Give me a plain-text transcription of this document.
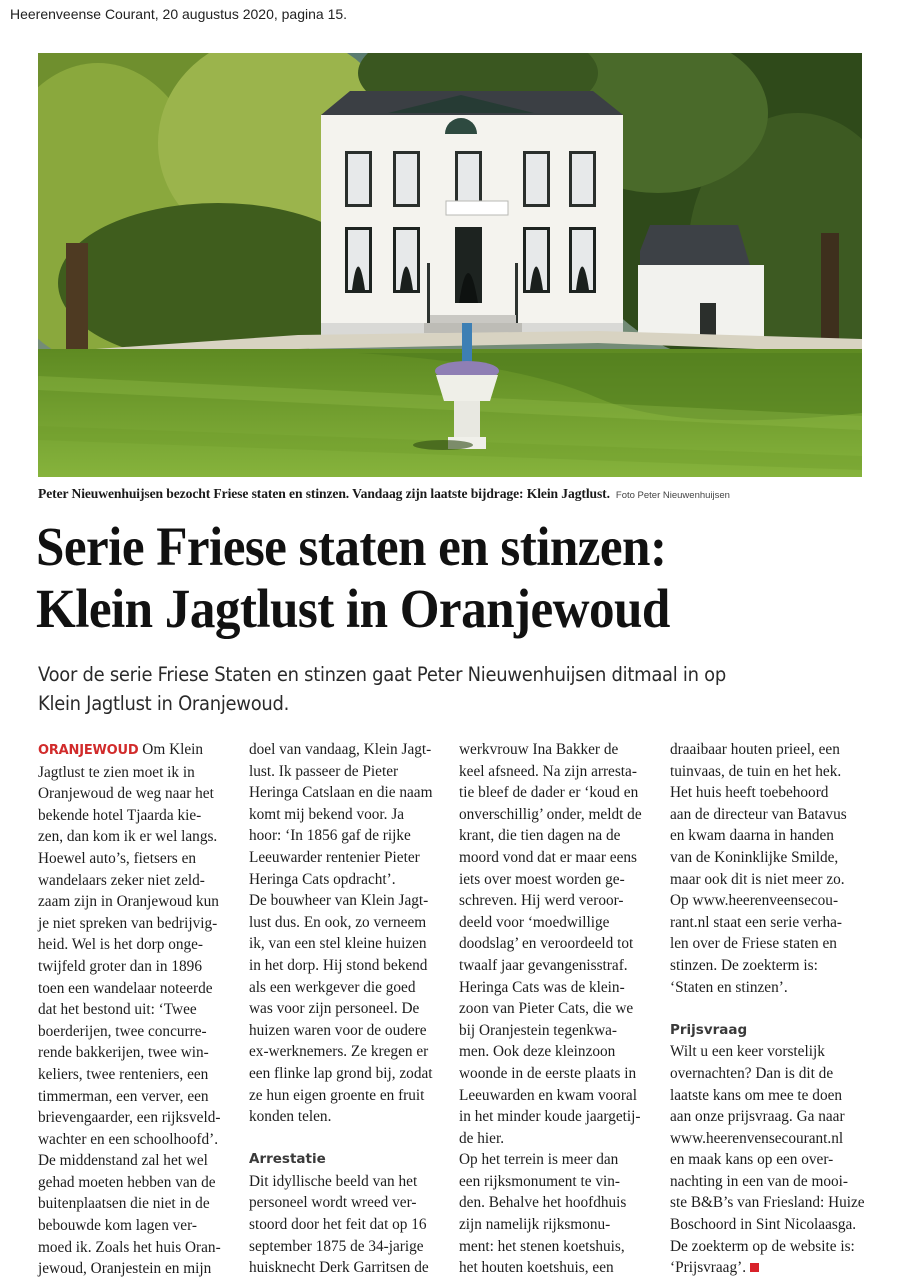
Heerenveense Courant, 20 augustus 2020, pagina 15.
Peter Nieuwenhuijsen bezocht Friese staten en stinzen. Vandaag zijn laatste bijdrage: Klein Jagtlust. Foto Peter Nieuwenhuijsen
Serie Friese staten en stinzen:
Klein Jagtlust in Oranjewoud

Voor de serie Friese Staten en stinzen gaat Peter Nieuwenhuijsen ditmaal in op
Klein Jagtlust in Oranjewoud.

ORANJEWOUD Om Klein
Jagtlust te zien moet ik in
Oranjewoud de weg naar het
bekende hotel Tjaarda kie-
zen, dan kom ik er wel langs.
Hoewel auto’s, fietsers en
wandelaars zeker niet zeld-
zaam zijn in Oranjewoud kun
je niet spreken van bedrijvig-
heid. Wel is het dorp onge-
twijfeld groter dan in 1896
toen een wandelaar noteerde
dat het bestond uit: ‘Twee
boerderijen, twee concurre-
rende bakkerijen, twee win-
keliers, twee renteniers, een
timmerman, een verver, een
brievengaarder, een rijksveld-
wachter en een schoolhoofd’.
De middenstand zal het wel
gehad moeten hebben van de
buitenplaatsen die niet in de
bebouwde kom lagen ver-
moed ik. Zoals het huis Oran-
jewoud, Oranjestein en mijn
doel van vandaag, Klein Jagt-
lust. Ik passeer de Pieter
Heringa Catslaan en die naam
komt mij bekend voor. Ja
hoor: ‘In 1856 gaf de rijke
Leeuwarder rentenier Pieter
Heringa Cats opdracht’.
De bouwheer van Klein Jagt-
lust dus. En ook, zo verneem
ik, van een stel kleine huizen
in het dorp. Hij stond bekend
als een werkgever die goed
was voor zijn personeel. De
huizen waren voor de oudere
ex-werknemers. Ze kregen er
een flinke lap grond bij, zodat
ze hun eigen groente en fruit
konden telen.
Arrestatie
Dit idyllische beeld van het
personeel wordt wreed ver-
stoord door het feit dat op 16
september 1875 de 34-jarige
huisknecht Derk Garritsen de
werkvrouw Ina Bakker de
keel afsneed. Na zijn arresta-
tie bleef de dader er ‘koud en
onverschillig’ onder, meldt de
krant, die tien dagen na de
moord vond dat er maar eens
iets over moest worden ge-
schreven. Hij werd veroor-
deeld voor ‘moedwillige
doodslag’ en veroordeeld tot
twaalf jaar gevangenisstraf.
Heringa Cats was de klein-
zoon van Pieter Cats, die we
bij Oranjestein tegenkwa-
men. Ook deze kleinzoon
woonde in de eerste plaats in
Leeuwarden en kwam vooral
in het minder koude jaargetij-
de hier.
Op het terrein is meer dan
een rijksmonument te vin-
den. Behalve het hoofdhuis
zijn namelijk rijksmonu-
ment: het stenen koetshuis,
het houten koetshuis, een
draaibaar houten prieel, een
tuinvaas, de tuin en het hek.
Het huis heeft toebehoord
aan de directeur van Batavus
en kwam daarna in handen
van de Koninklijke Smilde,
maar ook dit is niet meer zo.
Op www.heerenveensecou-
rant.nl staat een serie verha-
len over de Friese staten en
stinzen. De zoekterm is:
‘Staten en stinzen’.
Prijsvraag
Wilt u een keer vorstelijk
overnachten? Dan is dit de
laatste kans om mee te doen
aan onze prijsvraag. Ga naar
www.heerenvensecourant.nl
en maak kans op een over-
nachting in een van de mooi-
ste B&B’s van Friesland: Huize
Boschoord in Sint Nicolaasga.
De zoekterm op de website is:
‘Prijsvraag’.
